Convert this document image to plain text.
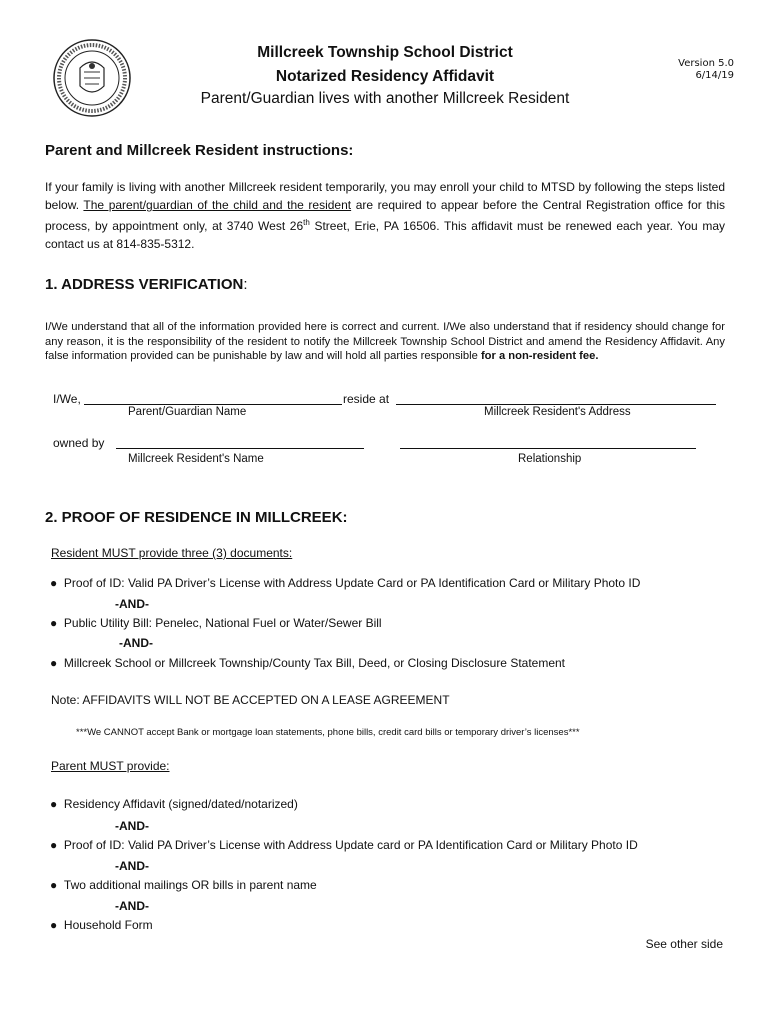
Millcreek Township School District
Notarized Residency Affidavit
Parent/Guardian lives with another Millcreek Resident
Version 5.0
6/14/19
Parent and Millcreek Resident instructions:
If your family is living with another Millcreek resident temporarily, you may enroll your child to MTSD by following the steps listed below. The parent/guardian of the child and the resident are required to appear before the Central Registration office for this process, by appointment only, at 3740 West 26th Street, Erie, PA 16506. This affidavit must be renewed each year. You may contact us at 814-835-5312.
1. ADDRESS VERIFICATION:
I/We understand that all of the information provided here is correct and current. I/We also understand that if residency should change for any reason, it is the responsibility of the resident to notify the Millcreek Township School District and amend the Residency Affidavit. Any false information provided can be punishable by law and will hold all parties responsible for a non-resident fee.
I/We,	reside at
Parent/Guardian Name	Millcreek Resident's Address
owned by
Millcreek Resident's Name	Relationship
2. PROOF OF RESIDENCE IN MILLCREEK:
Resident MUST provide three (3) documents:
● Proof of ID: Valid PA Driver’s License with Address Update Card or PA Identification Card or Military Photo ID
-AND-
● Public Utility Bill: Penelec, National Fuel or Water/Sewer Bill
-AND-
● Millcreek School or Millcreek Township/County Tax Bill, Deed, or Closing Disclosure Statement
Note: AFFIDAVITS WILL NOT BE ACCEPTED ON A LEASE AGREEMENT
***We CANNOT accept Bank or mortgage loan statements, phone bills, credit card bills or temporary driver’s licenses***
Parent MUST provide:
● Residency Affidavit (signed/dated/notarized)
-AND-
● Proof of ID: Valid PA Driver’s License with Address Update card or PA Identification Card or Military Photo ID
-AND-
● Two additional mailings OR bills in parent name
-AND-
● Household Form
See other side
